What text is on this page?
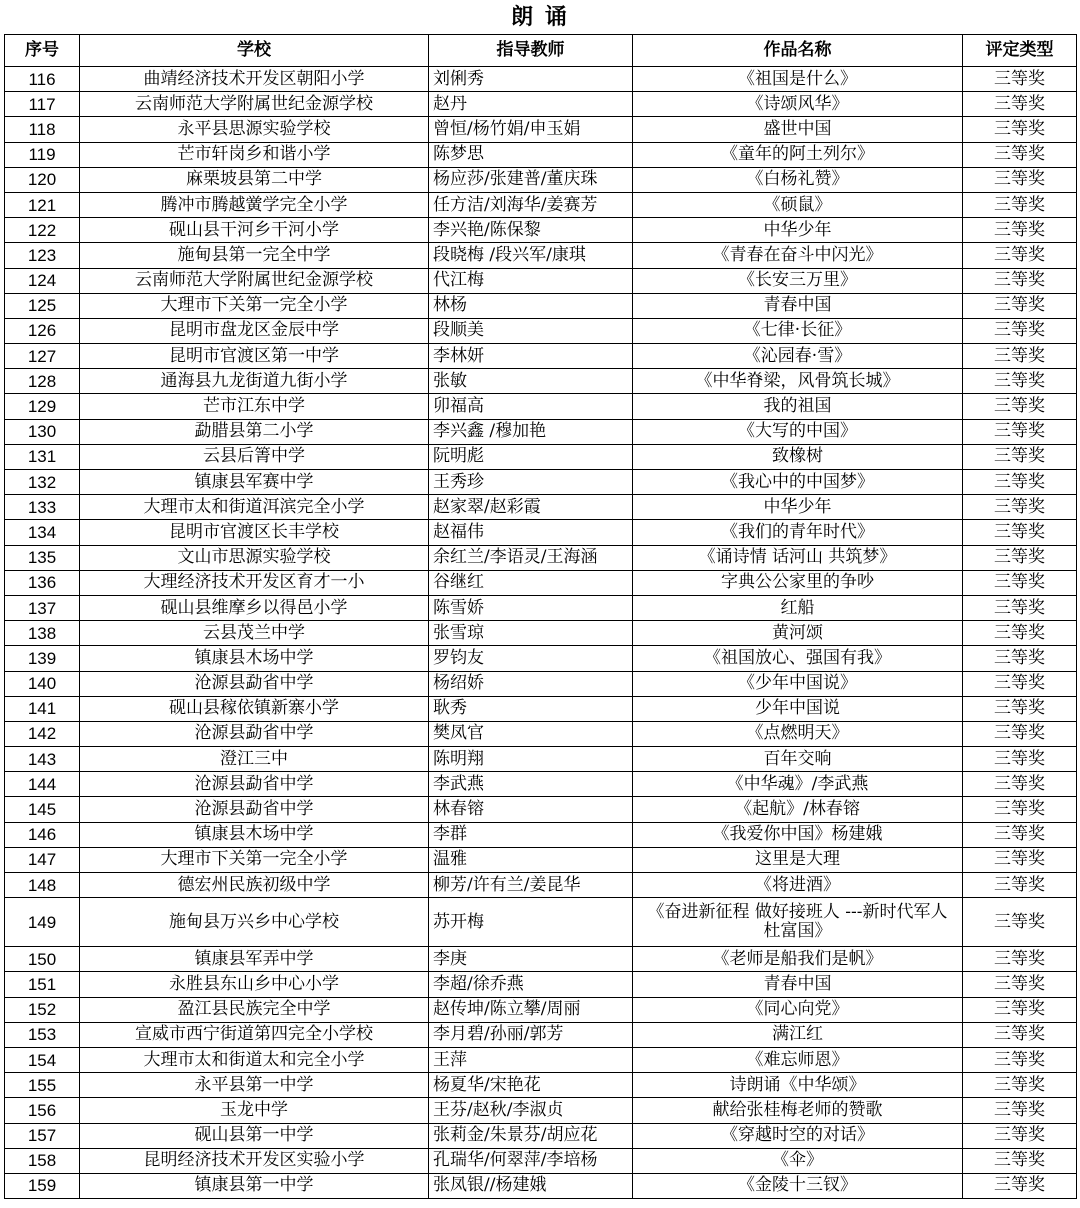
朗 诵
序号	学校	指导教师	作品名称	评定类型
116	曲靖经济技术开发区朝阳小学	刘俐秀	《祖国是什么》	三等奖
117	云南师范大学附属世纪金源学校	赵丹	《诗颂风华》	三等奖
118	永平县思源实验学校	曾恒/杨竹娟/申玉娟	盛世中国	三等奖
119	芒市轩岗乡和谐小学	陈梦思	《童年的阿土列尔》	三等奖
120	麻栗坡县第二中学	杨应莎/张建普/董庆珠	《白杨礼赞》	三等奖
121	腾冲市腾越黉学完全小学	任方洁/刘海华/姜赛芳	《硕鼠》	三等奖
122	砚山县干河乡干河小学	李兴艳/陈保黎	中华少年	三等奖
123	施甸县第一完全中学	段晓梅 /段兴军/康琪	《青春在奋斗中闪光》	三等奖
124	云南师范大学附属世纪金源学校	代江梅	《长安三万里》	三等奖
125	大理市下关第一完全小学	林杨	青春中国	三等奖
126	昆明市盘龙区金辰中学	段顺美	《七律·长征》	三等奖
127	昆明市官渡区第一中学	李林妍	《沁园春·雪》	三等奖
128	通海县九龙街道九街小学	张敏	《中华脊梁，风骨筑长城》	三等奖
129	芒市江东中学	卯福高	我的祖国	三等奖
130	勐腊县第二小学	李兴鑫 /穆加艳	《大写的中国》	三等奖
131	云县后箐中学	阮明彪	致橡树	三等奖
132	镇康县军赛中学	王秀珍	《我心中的中国梦》	三等奖
133	大理市太和街道洱滨完全小学	赵家翠/赵彩霞	中华少年	三等奖
134	昆明市官渡区长丰学校	赵福伟	《我们的青年时代》	三等奖
135	文山市思源实验学校	余红兰/李语灵/王海涵	《诵诗情 话河山 共筑梦》	三等奖
136	大理经济技术开发区育才一小	谷继红	字典公公家里的争吵	三等奖
137	砚山县维摩乡以得邑小学	陈雪娇	红船	三等奖
138	云县茂兰中学	张雪琼	黄河颂	三等奖
139	镇康县木场中学	罗钧友	《祖国放心、强国有我》	三等奖
140	沧源县勐省中学	杨绍娇	《少年中国说》	三等奖
141	砚山县稼依镇新寨小学	耿秀	少年中国说	三等奖
142	沧源县勐省中学	樊凤官	《点燃明天》	三等奖
143	澄江三中	陈明翔	百年交响	三等奖
144	沧源县勐省中学	李武燕	《中华魂》/李武燕	三等奖
145	沧源县勐省中学	林春镕	《起航》/林春镕	三等奖
146	镇康县木场中学	李群	《我爱你中国》杨建娥	三等奖
147	大理市下关第一完全小学	温雅	这里是大理	三等奖
148	德宏州民族初级中学	柳芳/许有兰/姜昆华	《将进酒》	三等奖
149	施甸县万兴乡中心学校	苏开梅	《奋进新征程 做好接班人 ---新时代军人 杜富国》	三等奖
150	镇康县军弄中学	李庚	《老师是船我们是帆》	三等奖
151	永胜县东山乡中心小学	李超/徐乔燕	青春中国	三等奖
152	盈江县民族完全中学	赵传坤/陈立攀/周丽	《同心向党》	三等奖
153	宣威市西宁街道第四完全小学校	李月碧/孙丽/郭芳	满江红	三等奖
154	大理市太和街道太和完全小学	王萍	《难忘师恩》	三等奖
155	永平县第一中学	杨夏华/宋艳花	诗朗诵《中华颂》	三等奖
156	玉龙中学	王芬/赵秋/李淑贞	献给张桂梅老师的赞歌	三等奖
157	砚山县第一中学	张莉金/朱景芬/胡应花	《穿越时空的对话》	三等奖
158	昆明经济技术开发区实验小学	孔瑞华/何翠萍/李培杨	《伞》	三等奖
159	镇康县第一中学	张凤银//杨建娥	《金陵十三钗》	三等奖
